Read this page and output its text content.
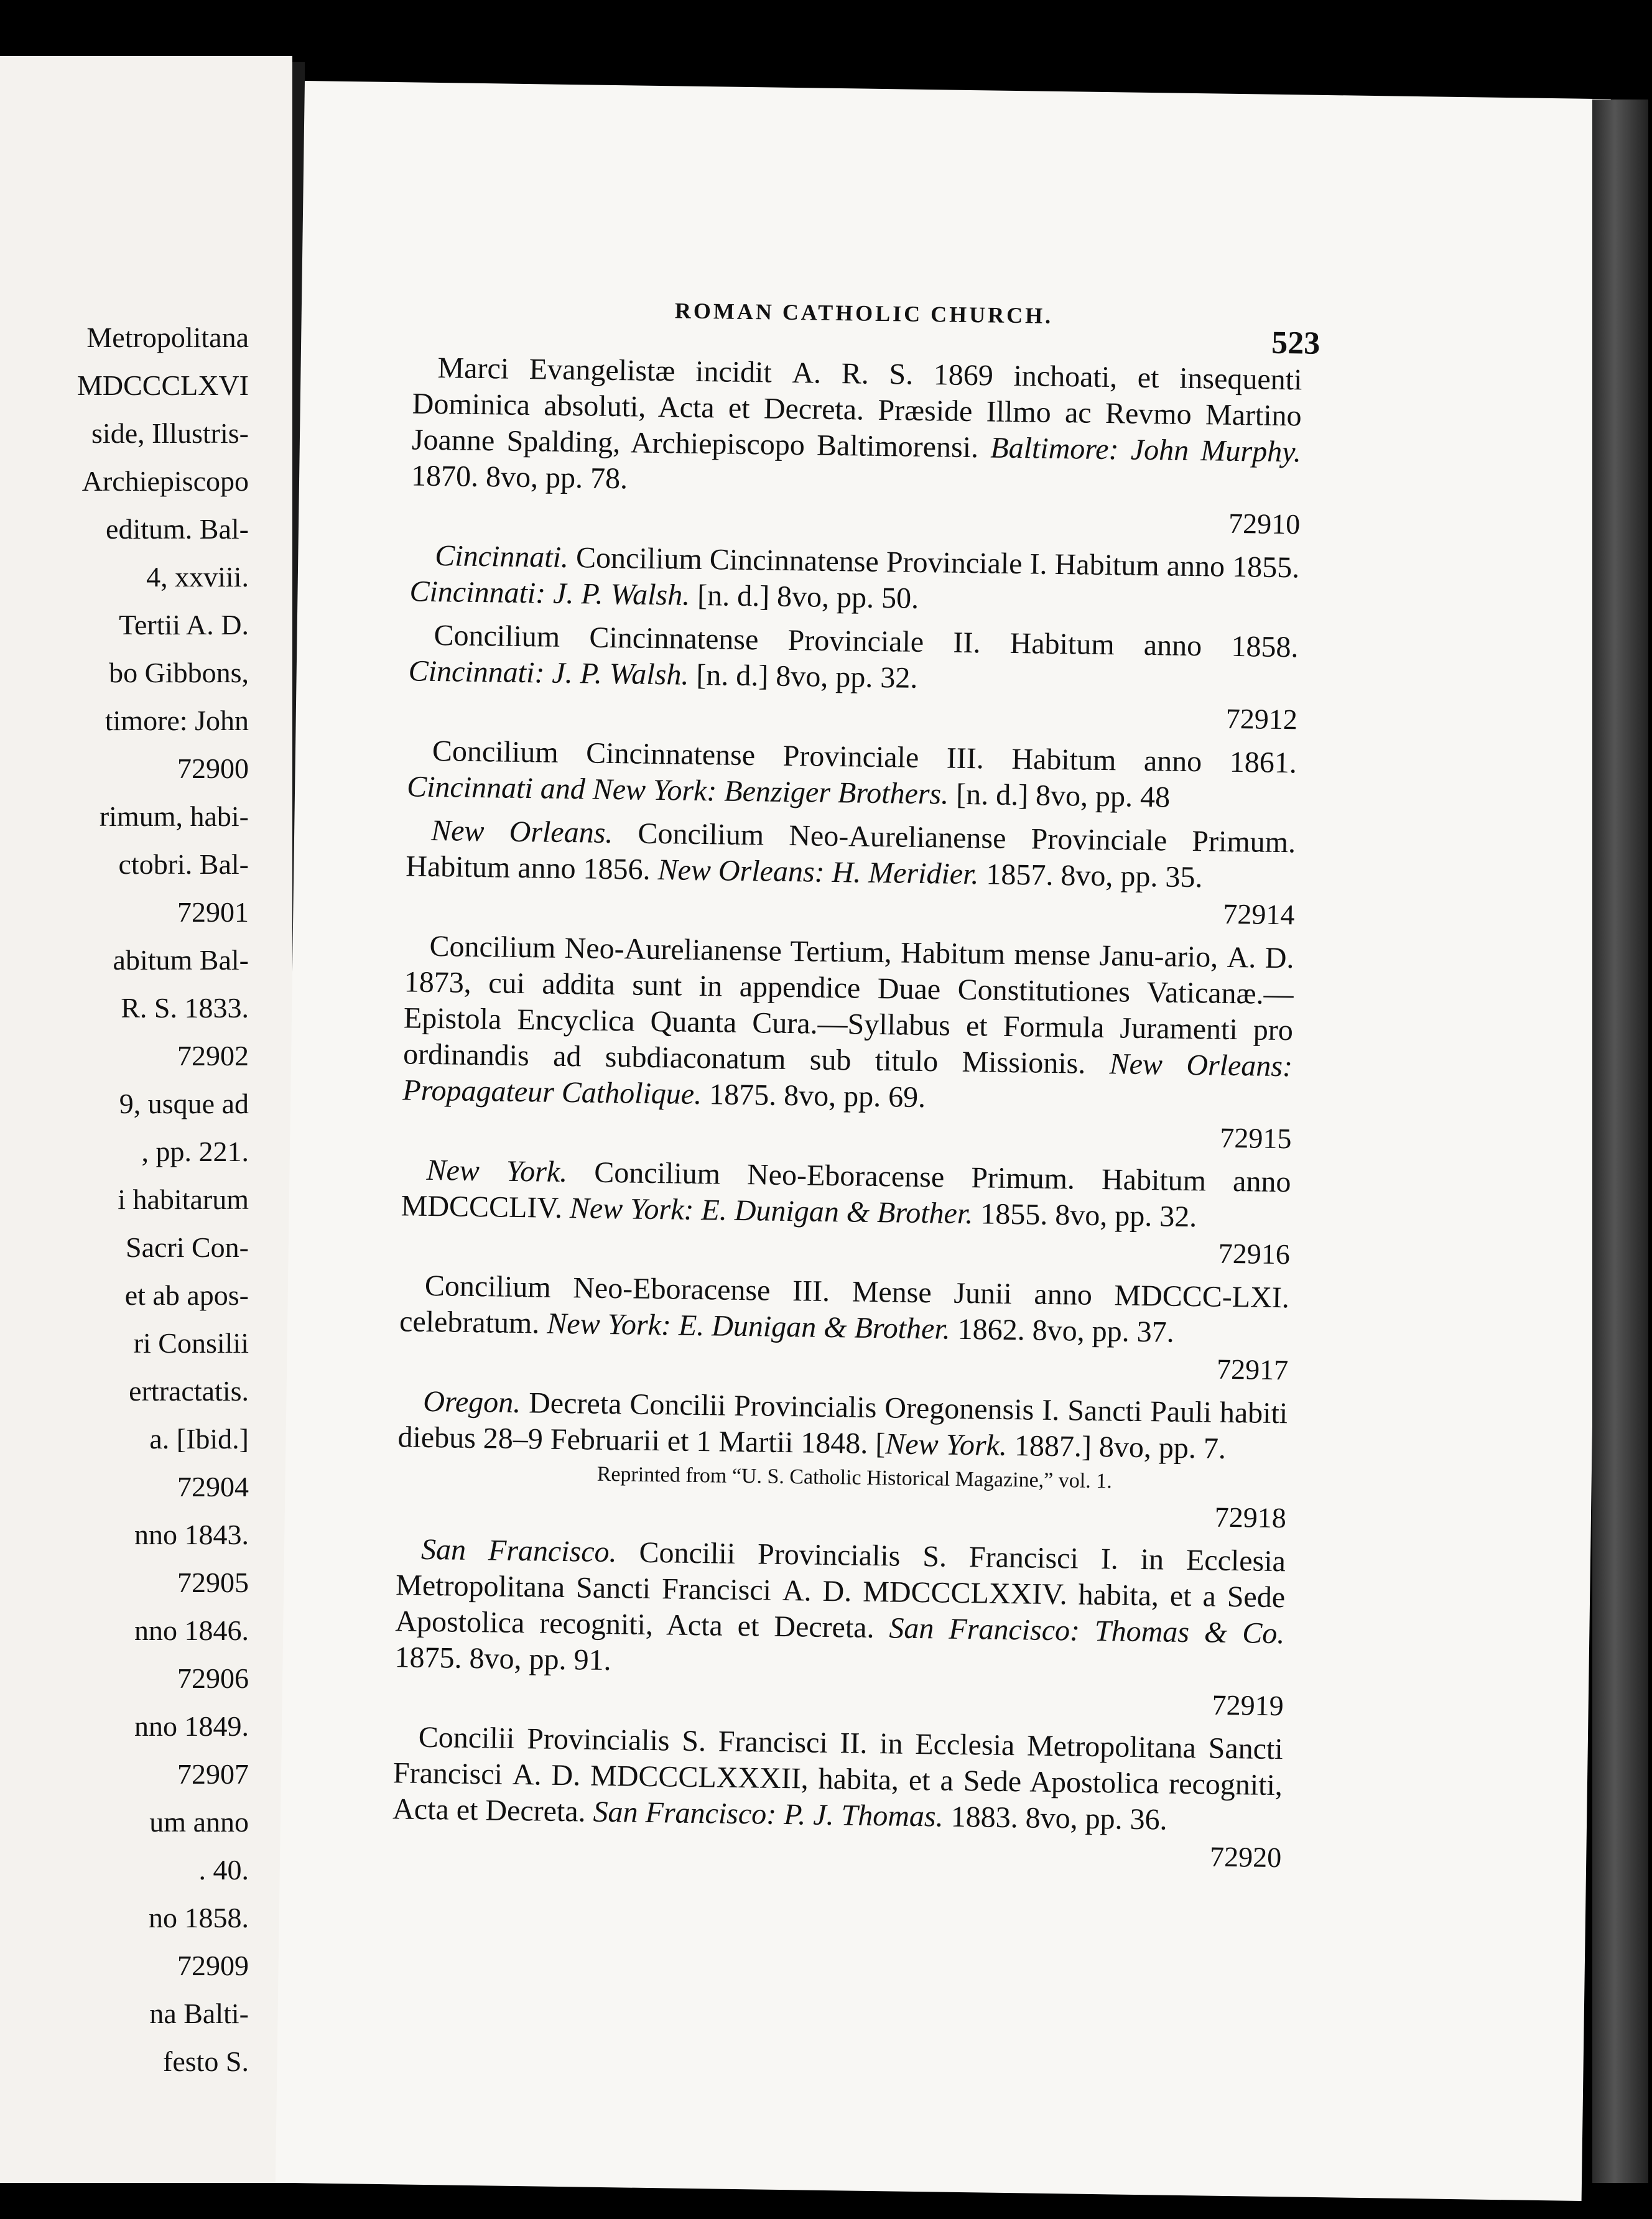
Metropolitana
MDCCCLXVI
side, Illustris-
Archiepiscopo
editum. Bal-
4, xxviii.
Tertii A. D.
bo Gibbons,
timore: John
72900
rimum, habi-
ctobri. Bal-
72901
abitum Bal-
R. S. 1833.
72902
9, usque ad
, pp. 221.
i habitarum
Sacri Con-
et ab apos-
ri Consilii
ertractatis.
a. [Ibid.]
72904
nno 1843.
72905
nno 1846.
72906
nno 1849.
72907
um anno
. 40.
no 1858.
72909
na Balti-
festo S.
ROMAN CATHOLIC CHURCH.
523

Marci Evangelistæ incidit A. R. S. 1869 inchoati, et insequenti Dominica absoluti, Acta et Decreta. Præside Illmo ac Revmo Martino Joanne Spalding, Archiepiscopo Baltimorensi. Baltimore: John Murphy. 1870. 8vo, pp. 78.

72910

Cincinnati. Concilium Cincinnatense Provinciale I. Habitum anno 1855. Cincinnati: J. P. Walsh. [n. d.] 8vo, pp. 50.

Concilium Cincinnatense Provinciale II. Habitum anno 1858. Cincinnati: J. P. Walsh. [n. d.] 8vo, pp. 32.

72912

Concilium Cincinnatense Provinciale III. Habitum anno 1861. Cincinnati and New York: Benziger Brothers. [n. d.] 8vo, pp. 48

New Orleans. Concilium Neo-Aurelianense Provinciale Primum. Habitum anno 1856. New Orleans: H. Meridier. 1857. 8vo, pp. 35.

72914

Concilium Neo-Aurelianense Tertium, Habitum mense Janu-ario, A. D. 1873, cui addita sunt in appendice Duae Constitutiones Vaticanæ.—Epistola Encyclica Quanta Cura.—Syllabus et Formula Juramenti pro ordinandis ad subdiaconatum sub titulo Missionis. New Orleans: Propagateur Catholique. 1875. 8vo, pp. 69.

72915

New York. Concilium Neo-Eboracense Primum. Habitum anno MDCCCLIV. New York: E. Dunigan & Brother. 1855. 8vo, pp. 32.

72916

Concilium Neo-Eboracense III. Mense Junii anno MDCCC-LXI. celebratum. New York: E. Dunigan & Brother. 1862. 8vo, pp. 37.

72917

Oregon. Decreta Concilii Provincialis Oregonensis I. Sancti Pauli habiti diebus 28–9 Februarii et 1 Martii 1848. [New York. 1887.] 8vo, pp. 7.

Reprinted from “U. S. Catholic Historical Magazine,” vol. 1.

72918

San Francisco. Concilii Provincialis S. Francisci I. in Ecclesia Metropolitana Sancti Francisci A. D. MDCCCLXXIV. habita, et a Sede Apostolica recogniti, Acta et Decreta. San Francisco: Thomas & Co. 1875. 8vo, pp. 91.

72919

Concilii Provincialis S. Francisci II. in Ecclesia Metropolitana Sancti Francisci A. D. MDCCCLXXXII, habita, et a Sede Apostolica recogniti, Acta et Decreta. San Francisco: P. J. Thomas. 1883. 8vo, pp. 36.

72920
